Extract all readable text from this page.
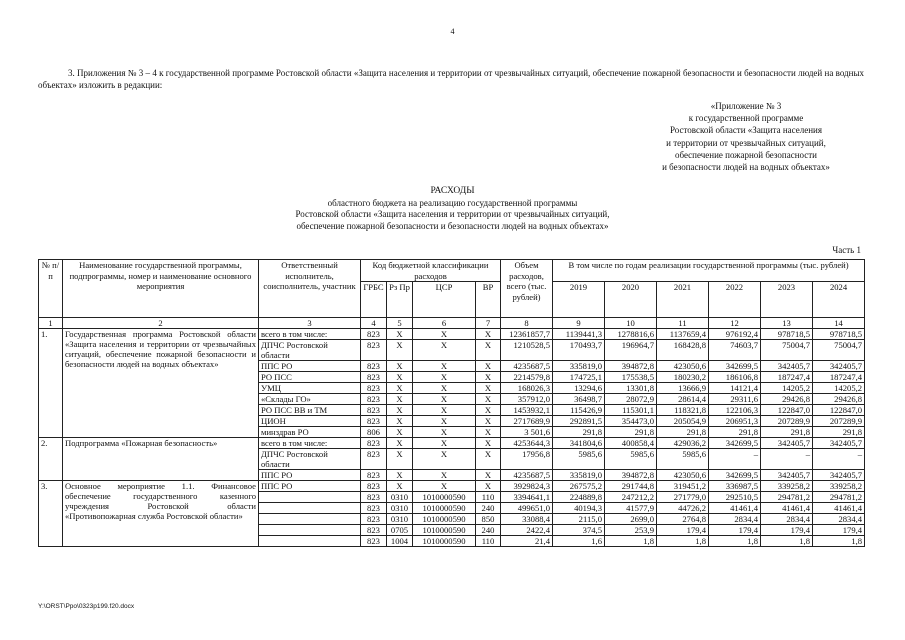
4
3. Приложения № 3 – 4 к государственной программе Ростовской области «Защита населения и территории от чрезвычайных ситуаций, обеспечение пожарной безопасности и безопасности людей на водных объектах» изложить в редакции:
«Приложение № 3
к государственной программе
Ростовской области «Защита населения
и территории от чрезвычайных ситуаций,
обеспечение пожарной безопасности
и безопасности людей на водных объектах»
РАСХОДЫ
областного бюджета на реализацию государственной программы
Ростовской области «Защита населения и территории от чрезвычайных ситуаций,
обеспечение пожарной безопасности и безопасности людей на водных объектах»
Часть 1
№ п/п	Наименование государственной программы, подпрограммы, номер и наименование основного мероприятия	Ответственный исполнитель, соисполнитель, участник	Код бюджетной классификации расходов				Объем расходов, всего (тыс. рублей)	В том числе по годам реализации государственной программы (тыс. рублей)					
			ГРБС	Рз Пр	ЦСР	ВР		2019	2020	2021	2022	2023	2024
1	2	3	4	5	6	7	8	9	10	11	12	13	14
1.	Государственная программа Ростовской области «Защита населения и территории от чрезвычайных ситуаций, обеспечение пожарной безопасности и безопасности людей на водных объектах»	всего в том числе:	823	Х	Х	Х	12361857,7	1139441,3	1278816,6	1137659,4	976192,4	978718,5	978718,5
		ДПЧС Ростовской области	823	Х	Х	Х	1210528,5	170493,7	196964,7	168428,8	74603,7	75004,7	75004,7
		ППС РО	823	Х	Х	Х	4235687,5	335819,0	394872,8	423050,6	342699,5	342405,7	342405,7
		РО ПСС	823	Х	Х	Х	2214579,8	174725,1	175538,5	180230,2	186106,8	187247,4	187247,4
		УМЦ	823	Х	Х	Х	168026,3	13294,6	13301,8	13666,9	14121,4	14205,2	14205,2
		«Склады ГО»	823	Х	Х	Х	357912,0	36498,7	28072,9	28614,4	29311,6	29426,8	29426,8
		РО ПСС ВВ и ТМ	823	Х	Х	Х	1453932,1	115426,9	115301,1	118321,8	122106,3	122847,0	122847,0
		ЦИОН	823	Х	Х	Х	2717689,9	292891,5	354473,0	205054,9	206951,3	207289,9	207289,9
		минздрав РО	806	Х	Х	Х	3 501,6	291,8	291,8	291,8	291,8	291,8	291,8
2.	Подпрограмма «Пожарная безопасность»	всего в том числе:	823	Х	Х	Х	4253644,3	341804,6	400858,4	429036,2	342699,5	342405,7	342405,7
		ДПЧС Ростовской области	823	Х	Х	Х	17956,8	5985,6	5985,6	5985,6	–	–	–
		ППС РО	823	Х	Х	Х	4235687,5	335819,0	394872,8	423050,6	342699,5	342405,7	342405,7
3.	Основное мероприятие 1.1. Финансовое обеспечение государственного казенного учреждения Ростовской области «Противопожарная служба Ростовской области»	ППС РО	823	Х	Х	Х	3929824,3	267575,2	291744,8	319451,2	336987,5	339258,2	339258,2
			823	0310	1010000590	110	3394641,1	224889,8	247212,2	271779,0	292510,5	294781,2	294781,2
			823	0310	1010000590	240	499651,0	40194,3	41577,9	44726,2	41461,4	41461,4	41461,4
			823	0310	1010000590	850	33088,4	2115,0	2699,0	2764,8	2834,4	2834,4	2834,4
			823	0705	1010000590	240	2422,4	374,5	253,9	179,4	179,4	179,4	179,4
			823	1004	1010000590	110	21,4	1,6	1,8	1,8	1,8	1,8	1,8
Y:\ORST\Ppo\0323p199.f20.docx
